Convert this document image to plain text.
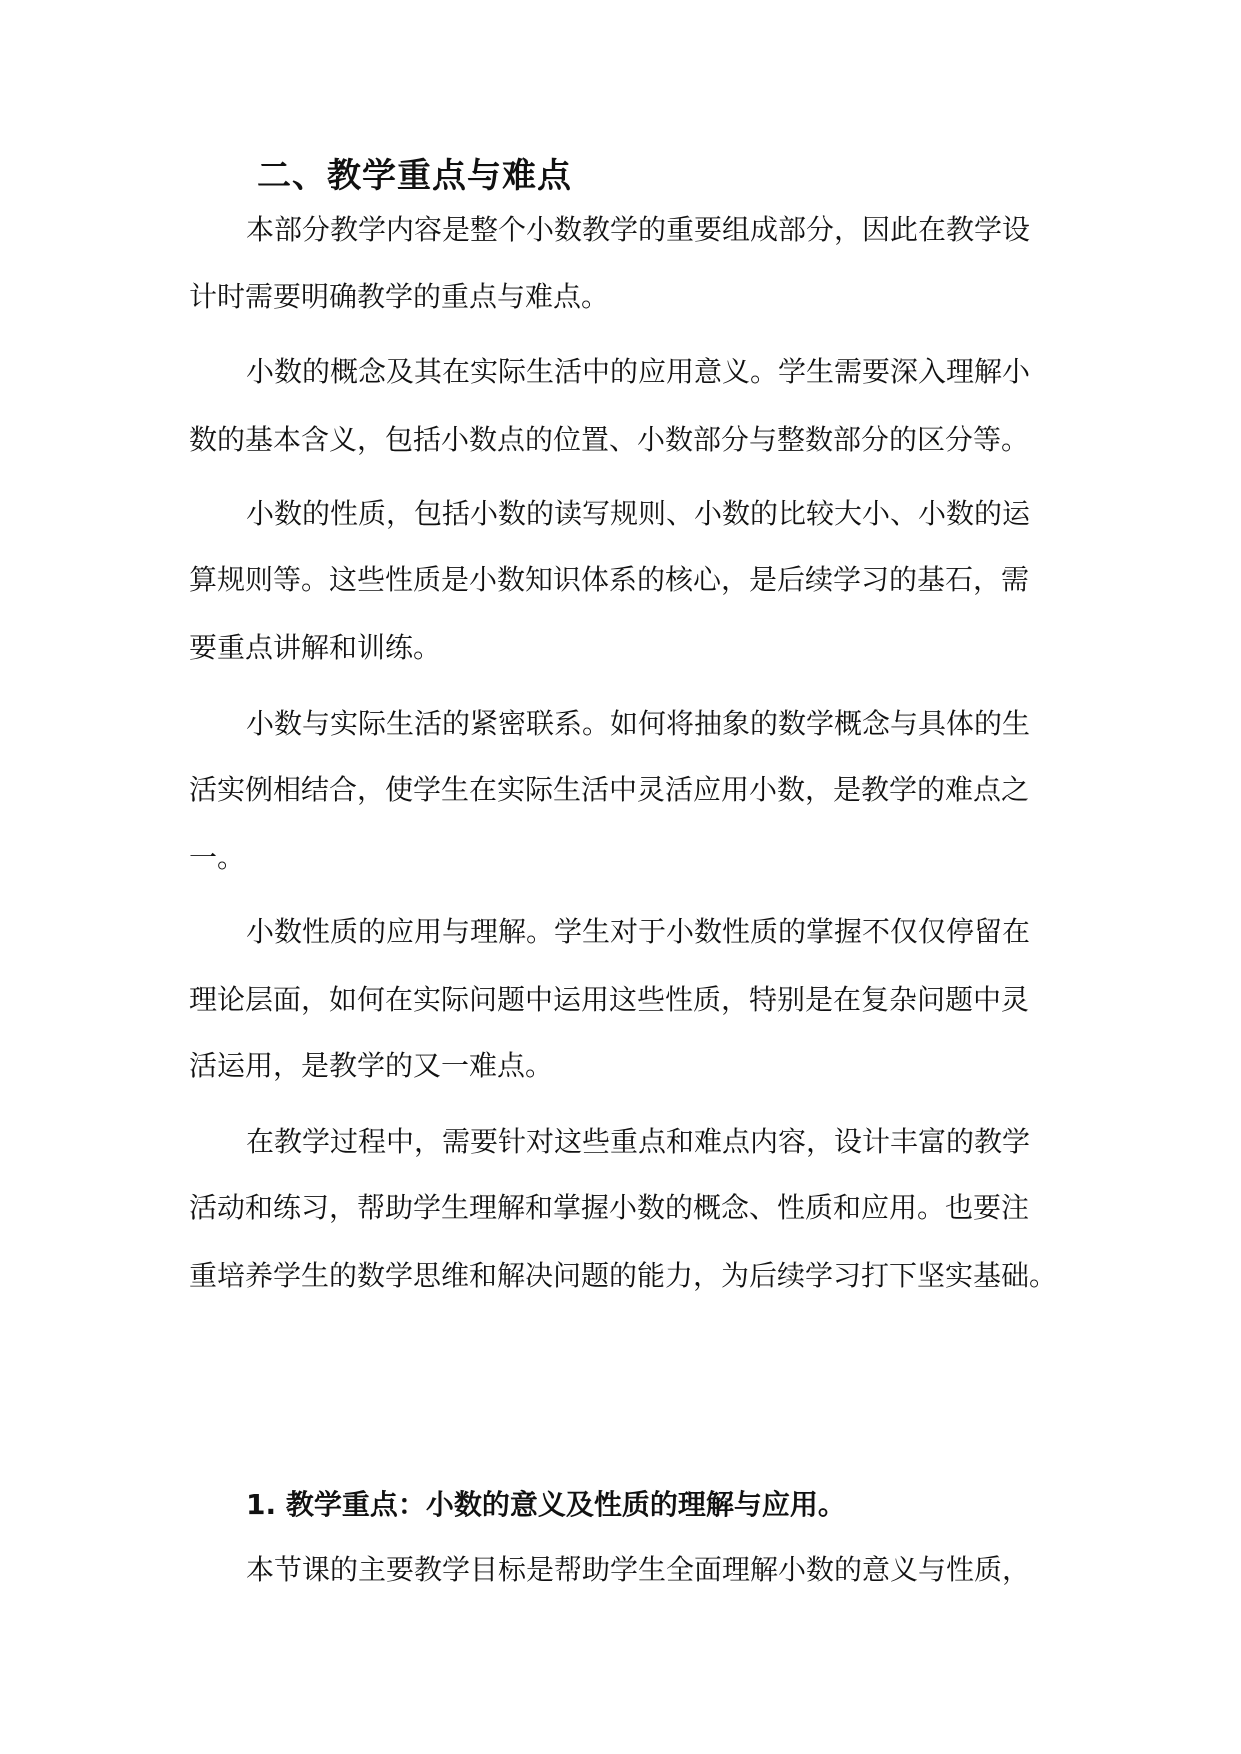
二、教学重点与难点
本部分教学内容是整个小数教学的重要组成部分，因此在教学设
计时需要明确教学的重点与难点。
小数的概念及其在实际生活中的应用意义。学生需要深入理解小
数的基本含义，包括小数点的位置、小数部分与整数部分的区分等。
小数的性质，包括小数的读写规则、小数的比较大小、小数的运
算规则等。这些性质是小数知识体系的核心，是后续学习的基石，需
要重点讲解和训练。
小数与实际生活的紧密联系。如何将抽象的数学概念与具体的生
活实例相结合，使学生在实际生活中灵活应用小数，是教学的难点之
一。
小数性质的应用与理解。学生对于小数性质的掌握不仅仅停留在
理论层面，如何在实际问题中运用这些性质，特别是在复杂问题中灵
活运用，是教学的又一难点。
在教学过程中，需要针对这些重点和难点内容，设计丰富的教学
活动和练习，帮助学生理解和掌握小数的概念、性质和应用。也要注
重培养学生的数学思维和解决问题的能力，为后续学习打下坚实基础。
1. 教学重点：小数的意义及性质的理解与应用。
本节课的主要教学目标是帮助学生全面理解小数的意义与性质，
